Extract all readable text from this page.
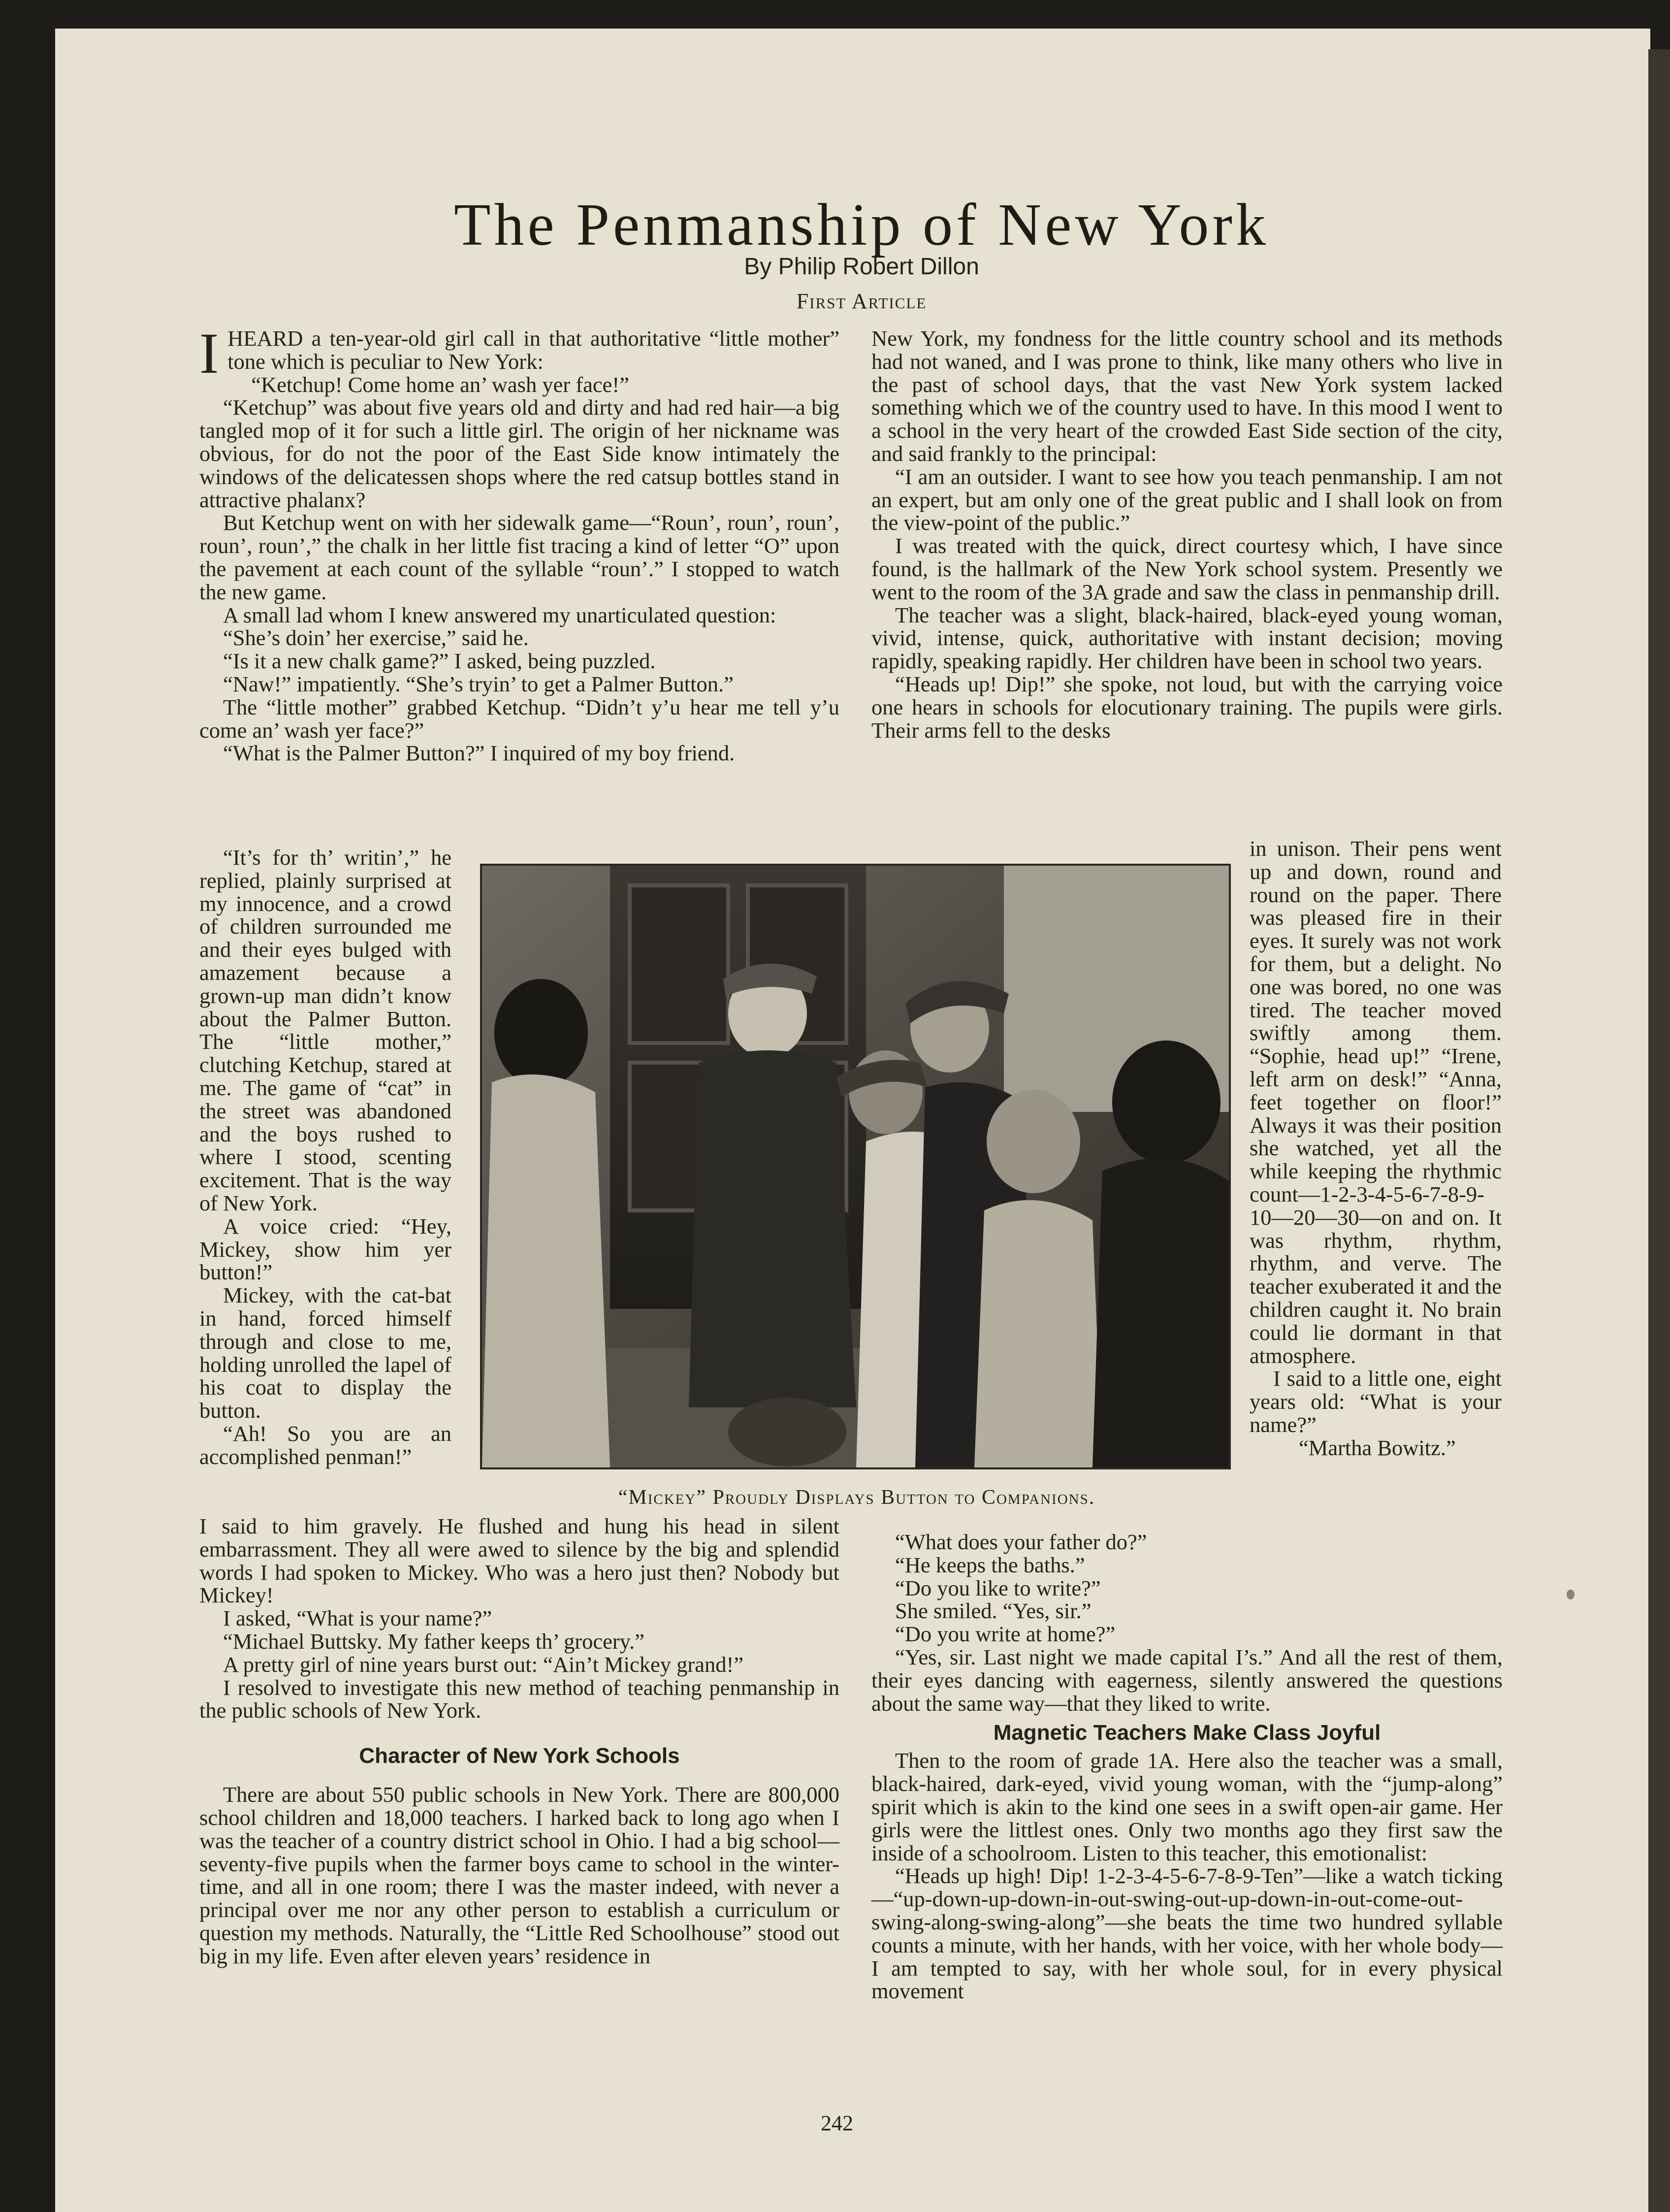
The Penmanship of New York
By Philip Robert Dillon
First Article

IHEARD a ten-year-old girl call in that authoritative “little mother” tone which is peculiar to New York:

“Ketchup! Come home an’ wash yer face!”

“Ketchup” was about five years old and dirty and had red hair—a big tangled mop of it for such a little girl. The origin of her nickname was obvious, for do not the poor of the East Side know intimately the windows of the delicatessen shops where the red catsup bottles stand in attractive phalanx?

But Ketchup went on with her sidewalk game—“Roun’, roun’, roun’, roun’, roun’,” the chalk in her little fist tracing a kind of letter “O” upon the pavement at each count of the syllable “roun’.” I stopped to watch the new game.

A small lad whom I knew answered my unarticulated question:

“She’s doin’ her exercise,” said he.

“Is it a new chalk game?” I asked, being puzzled.

“Naw!” impatiently. “She’s tryin’ to get a Palmer Button.”

The “little mother” grabbed Ketchup. “Didn’t y’u hear me tell y’u come an’ wash yer face?”

“What is the Palmer Button?” I inquired of my boy friend.

“It’s for th’ writin’,” he replied, plainly surprised at my innocence, and a crowd of children surrounded me and their eyes bulged with amazement because a grown-up man didn’t know about the Palmer Button. The “little mother,” clutching Ketchup, stared at me. The game of “cat” in the street was abandoned and the boys rushed to where I stood, scenting excitement. That is the way of New York.

A voice cried: “Hey, Mickey, show him yer button!”

Mickey, with the cat-bat in hand, forced himself through and close to me, holding unrolled the lapel of his coat to display the button.

“Ah! So you are an accomplished penman!”

“Mickey” Proudly Displays Button to Companions.

New York, my fondness for the little country school and its methods had not waned, and I was prone to think, like many others who live in the past of school days, that the vast New York system lacked something which we of the country used to have. In this mood I went to a school in the very heart of the crowded East Side section of the city, and said frankly to the principal:

“I am an outsider. I want to see how you teach penmanship. I am not an expert, but am only one of the great public and I shall look on from the view-point of the public.”

I was treated with the quick, direct courtesy which, I have since found, is the hallmark of the New York school system. Presently we went to the room of the 3A grade and saw the class in penmanship drill.

The teacher was a slight, black-haired, black-eyed young woman, vivid, intense, quick, authoritative with instant decision; moving rapidly, speaking rapidly. Her children have been in school two years.

“Heads up! Dip!” she spoke, not loud, but with the carrying voice one hears in schools for elocutionary training. The pupils were girls. Their arms fell to the desks

in unison. Their pens went up and down, round and round on the paper. There was pleased fire in their eyes. It surely was not work for them, but a delight. No one was bored, no one was tired. The teacher moved swiftly among them. “Sophie, head up!” “Irene, left arm on desk!” “Anna, feet together on floor!” Always it was their position she watched, yet all the while keeping the rhythmic count—1-2-3-4-5-6-7-8-9-10—20—30—on and on. It was rhythm, rhythm, rhythm, and verve. The teacher exuberated it and the children caught it. No brain could lie dormant in that atmosphere.

I said to a little one, eight years old: “What is your name?”

“Martha Bowitz.”

I said to him gravely. He flushed and hung his head in silent embarrassment. They all were awed to silence by the big and splendid words I had spoken to Mickey. Who was a hero just then? Nobody but Mickey!

I asked, “What is your name?”

“Michael Buttsky. My father keeps th’ grocery.”

A pretty girl of nine years burst out: “Ain’t Mickey grand!”

I resolved to investigate this new method of teaching penmanship in the public schools of New York.

Character of New York Schools

There are about 550 public schools in New York. There are 800,000 school children and 18,000 teachers. I harked back to long ago when I was the teacher of a country district school in Ohio. I had a big school—seventy-five pupils when the farmer boys came to school in the winter-time, and all in one room; there I was the master indeed, with never a principal over me nor any other person to establish a curriculum or question my methods. Naturally, the “Little Red Schoolhouse” stood out big in my life. Even after eleven years’ residence in

“What does your father do?”

“He keeps the baths.”

“Do you like to write?”

She smiled. “Yes, sir.”

“Do you write at home?”

“Yes, sir. Last night we made capital I’s.” And all the rest of them, their eyes dancing with eagerness, silently answered the questions about the same way—that they liked to write.

Magnetic Teachers Make Class Joyful

Then to the room of grade 1A. Here also the teacher was a small, black-haired, dark-eyed, vivid young woman, with the “jump-along” spirit which is akin to the kind one sees in a swift open-air game. Her girls were the littlest ones. Only two months ago they first saw the inside of a schoolroom. Listen to this teacher, this emotionalist:

“Heads up high! Dip! 1-2-3-4-5-6-7-8-9-Ten”—like a watch ticking—“up-down-up-down-in-out-swing-out-up-down-in-out-come-out-swing-along-swing-along”—she beats the time two hundred syllable counts a minute, with her hands, with her voice, with her whole body—I am tempted to say, with her whole soul, for in every physical movement

242
